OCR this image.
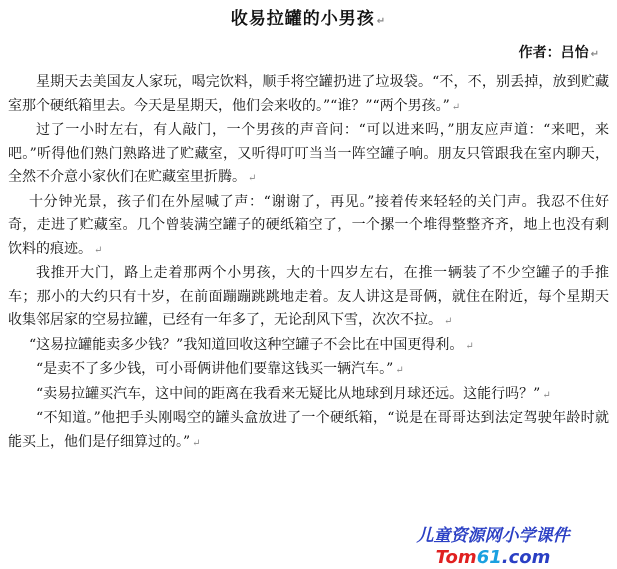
收易拉罐的小男孩 ↵
作者：吕怡 ↵

星期天去美国友人家玩，喝完饮料，顺手将空罐扔进了垃圾袋。“不，不，别丢掉，放到贮藏室那个硬纸箱里去。今天是星期天，他们会来收的。”“谁？”“两个男孩。” ↵

过了一小时左右，有人敲门，一个男孩的声音问：“可以进来吗，”朋友应声道：“来吧，来吧。”听得他们熟门熟路进了贮藏室，又听得叮叮当当一阵空罐子响。朋友只管跟我在室内聊天，全然不介意小家伙们在贮藏室里折腾。 ↵

十分钟光景，孩子们在外屋喊了声：“谢谢了，再见。”接着传来轻轻的关门声。我忍不住好奇，走进了贮藏室。几个曾装满空罐子的硬纸箱空了，一个摞一个堆得整整齐齐，地上也没有剩饮料的痕迹。 ↵

我推开大门，路上走着那两个小男孩，大的十四岁左右，在推一辆装了不少空罐子的手推车；那小的大约只有十岁，在前面蹦蹦跳跳地走着。友人讲这是哥俩，就住在附近，每个星期天收集邻居家的空易拉罐，已经有一年多了，无论刮风下雪，次次不拉。 ↵

“这易拉罐能卖多少钱？”我知道回收这种空罐子不会比在中国更得利。 ↵

“是卖不了多少钱，可小哥俩讲他们要靠这钱买一辆汽车。” ↵

“卖易拉罐买汽车，这中间的距离在我看来无疑比从地球到月球还远。这能行吗？” ↵

“不知道。”他把手头刚喝空的罐头盒放进了一个硬纸箱，“说是在哥哥达到法定驾驶年龄时就能买上，他们是仔细算过的。” ↵

儿童资源网小学课件
Tom61.com
